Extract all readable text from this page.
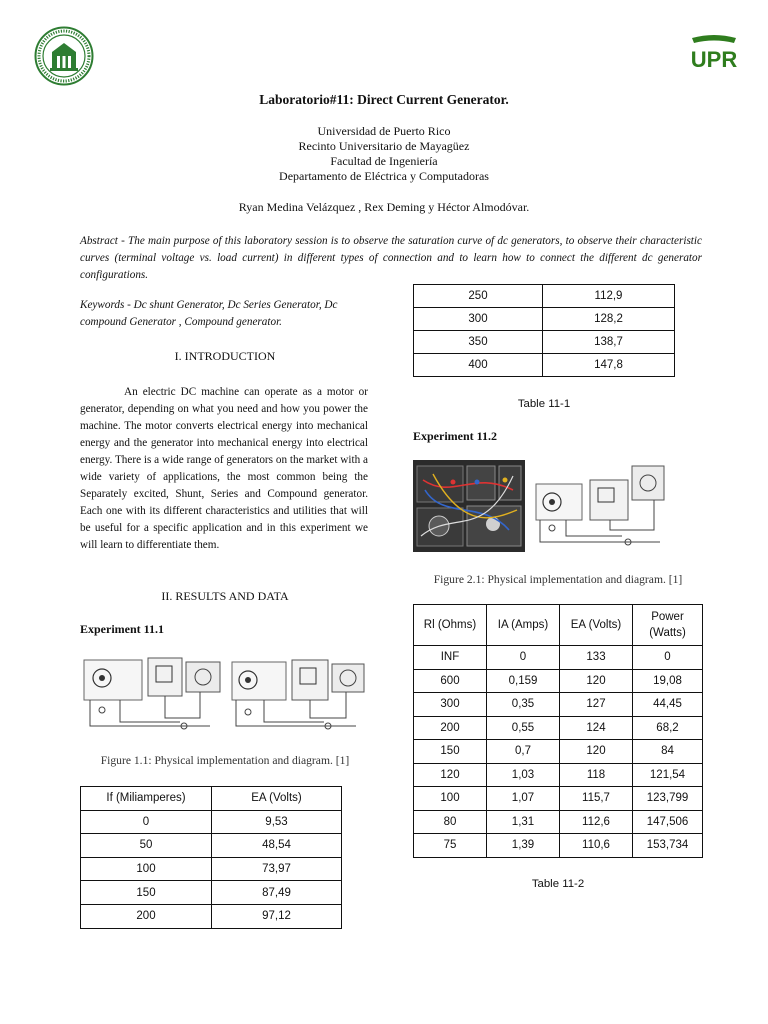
UPR
Laboratorio#11: Direct Current Generator.
Universidad de Puerto Rico
Recinto Universitario de Mayagüez
Facultad de Ingeniería
Departamento de Eléctrica y Computadoras
Ryan Medina Velázquez , Rex Deming y Héctor Almodóvar.
Abstract - The main purpose of this laboratory session is to observe the saturation curve of dc generators, to observe their characteristic curves (terminal voltage vs. load current) in different types of connection and to learn how to connect the different dc generator configurations.
Keywords - Dc shunt Generator, Dc Series Generator, Dc compound Generator , Compound generator.
I. INTRODUCTION
An electric DC machine can operate as a motor or generator, depending on what you need and how you power the machine. The motor converts electrical energy into mechanical energy and the generator into mechanical energy into electrical energy. There is a wide range of generators on the market with a wide variety of applications, the most common being the Separately excited, Shunt, Series and Compound generator. Each one with its different characteristics and utilities that will be useful for a specific application and in this experiment we will learn to differentiate them.
II. RESULTS AND DATA
Experiment 11.1
Figure 1.1: Physical implementation and diagram. [1]
If (Miliamperes)	EA (Volts)
0	9,53
50	48,54
100	73,97
150	87,49
200	97,12
250	112,9
300	128,2
350	138,7
400	147,8
Table 11-1
Experiment 11.2
Figure 2.1: Physical implementation and diagram. [1]
Rl (Ohms)	IA (Amps)	EA (Volts)	Power (Watts)
INF	0	133	0
600	0,159	120	19,08
300	0,35	127	44,45
200	0,55	124	68,2
150	0,7	120	84
120	1,03	118	121,54
100	1,07	115,7	123,799
80	1,31	112,6	147,506
75	1,39	110,6	153,734
Table 11-2
